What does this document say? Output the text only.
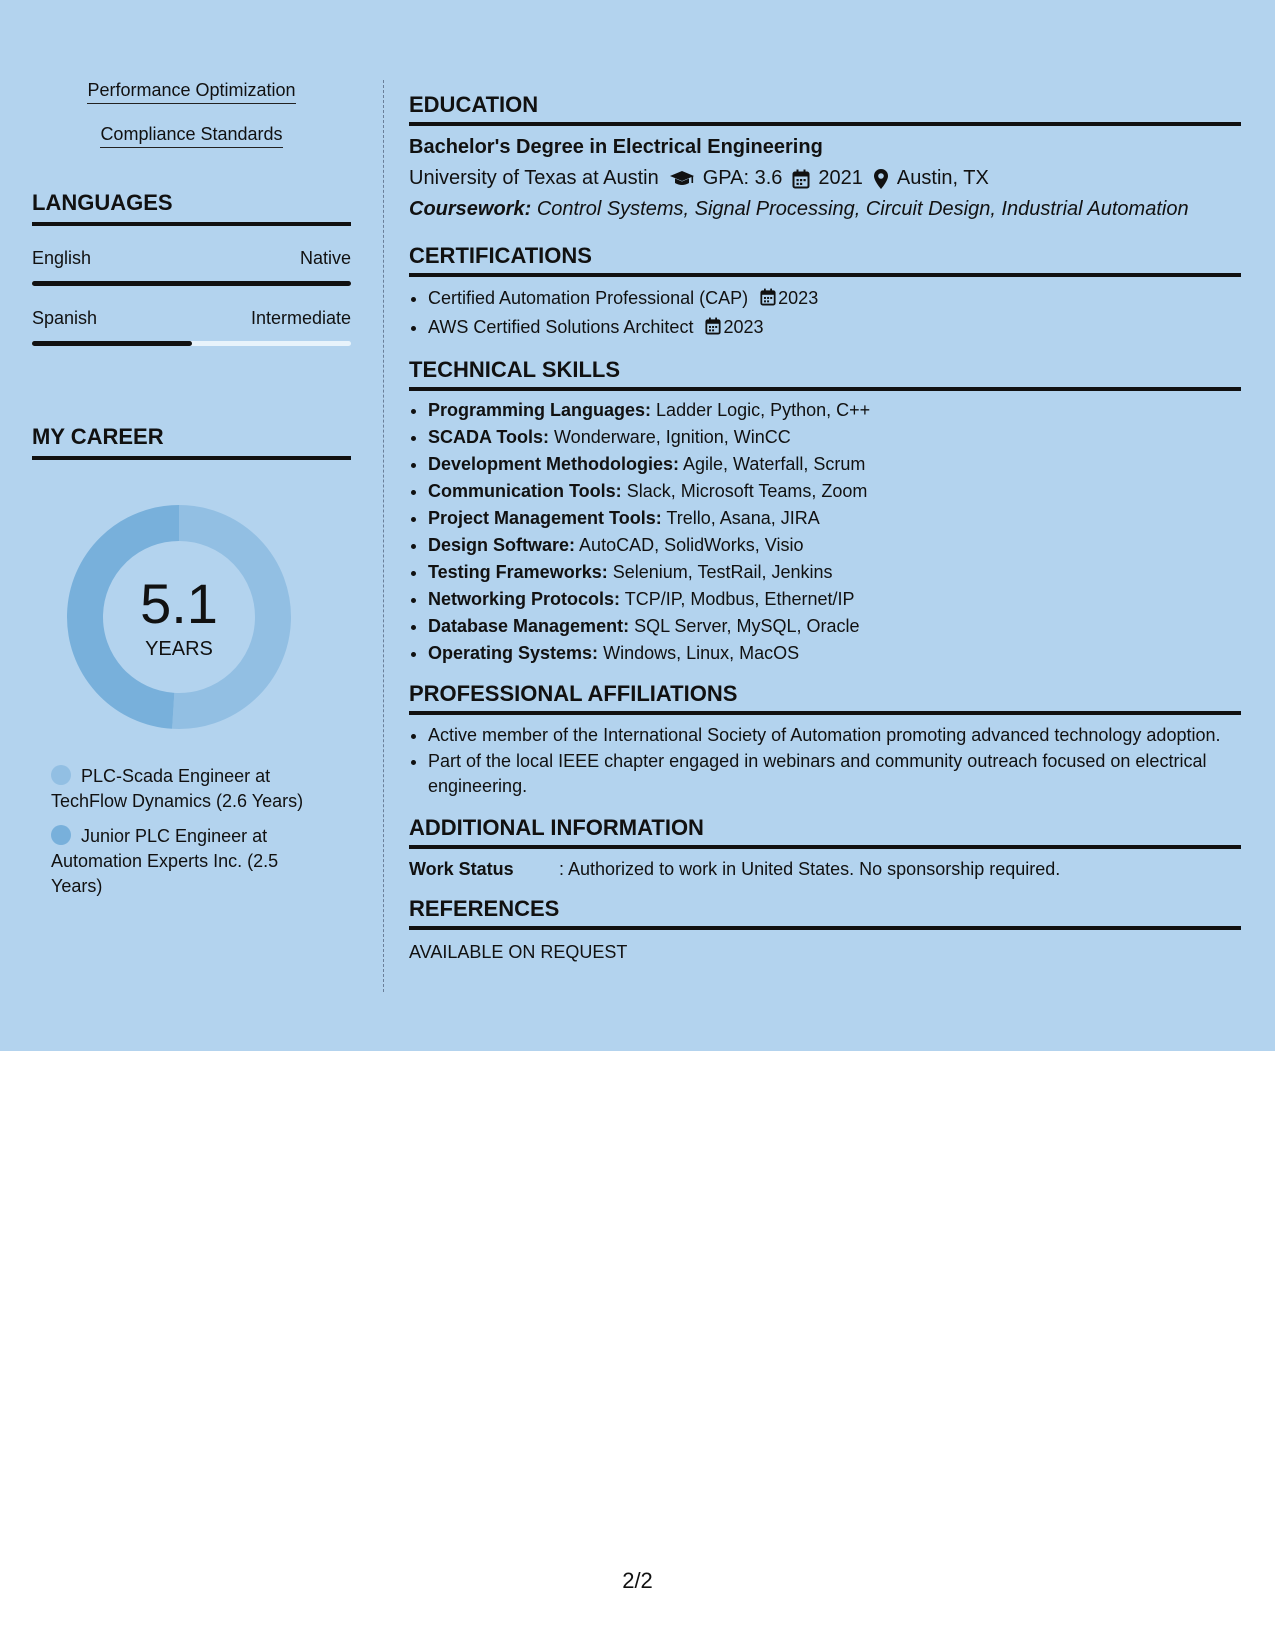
Performance Optimization
Compliance Standards
LANGUAGES
English	Native
Spanish	Intermediate
MY CAREER
5.1
YEARS
PLC-Scada Engineer at TechFlow Dynamics (2.6 Years)
Junior PLC Engineer at Automation Experts Inc. (2.5 Years)
EDUCATION
Bachelor's Degree in Electrical Engineering
University of Texas at Austin GPA: 3.6 2021 Austin, TX
Coursework: Control Systems, Signal Processing, Circuit Design, Industrial Automation
CERTIFICATIONS
• Certified Automation Professional (CAP) 2023
• AWS Certified Solutions Architect 2023
TECHNICAL SKILLS
• Programming Languages: Ladder Logic, Python, C++
• SCADA Tools: Wonderware, Ignition, WinCC
• Development Methodologies: Agile, Waterfall, Scrum
• Communication Tools: Slack, Microsoft Teams, Zoom
• Project Management Tools: Trello, Asana, JIRA
• Design Software: AutoCAD, SolidWorks, Visio
• Testing Frameworks: Selenium, TestRail, Jenkins
• Networking Protocols: TCP/IP, Modbus, Ethernet/IP
• Database Management: SQL Server, MySQL, Oracle
• Operating Systems: Windows, Linux, MacOS
PROFESSIONAL AFFILIATIONS
• Active member of the International Society of Automation promoting advanced technology adoption.
• Part of the local IEEE chapter engaged in webinars and community outreach focused on electrical engineering.
ADDITIONAL INFORMATION
Work Status	: Authorized to work in United States. No sponsorship required.
REFERENCES
AVAILABLE ON REQUEST
2/2
